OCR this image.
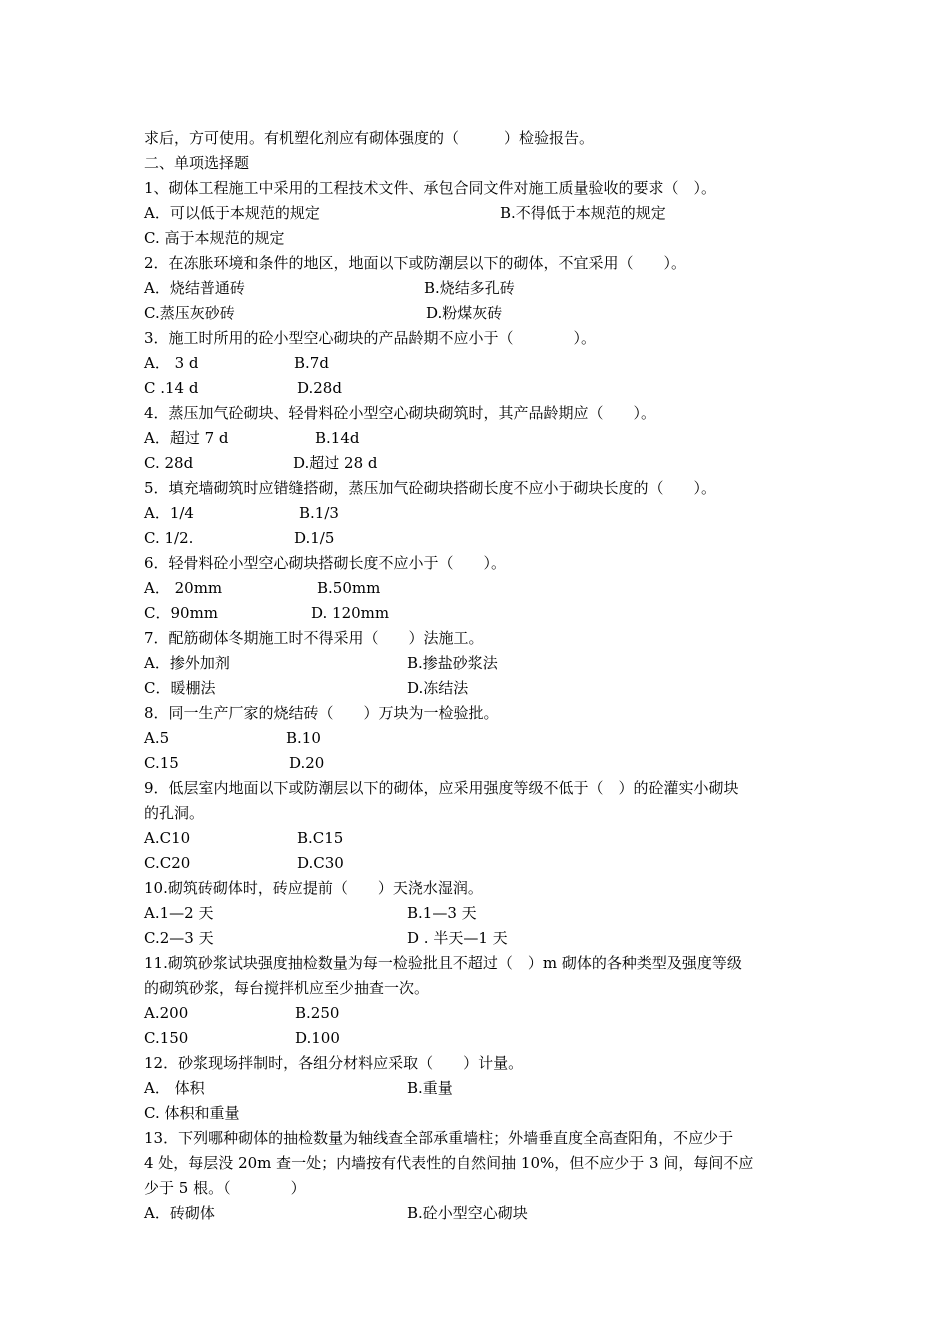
求后，方可使用。有机塑化剂应有砌体强度的（　　　）检验报告。
二、单项选择题
1、砌体工程施工中采用的工程技术文件、承包合同文件对施工质量验收的要求（　）。
A．可以低于本规范的规定	B.不得低于本规范的规定
C. 高于本规范的规定
2．在冻胀环境和条件的地区，地面以下或防潮层以下的砌体，不宜采用（　　）。
A．烧结普通砖	B.烧结多孔砖
C.蒸压灰砂砖	D.粉煤灰砖
3．施工时所用的砼小型空心砌块的产品龄期不应小于（　　　　）。
A． 3 d	B.7d
C .14 d	D.28d
4．蒸压加气砼砌块、轻骨料砼小型空心砌块砌筑时，其产品龄期应（　　）。
A．超过 7 d	B.14d
C. 28d	D.超过 28 d
5．填充墙砌筑时应错缝搭砌，蒸压加气砼砌块搭砌长度不应小于砌块长度的（　　）。
A．1/4	B.1/3
C. 1/2.	D.1/5
6．轻骨料砼小型空心砌块搭砌长度不应小于（　　）。
A． 20mm	B.50mm
C．90mm	D. 120mm
7．配筋砌体冬期施工时不得采用（　　）法施工。
A．掺外加剂	B.掺盐砂浆法
C．暖棚法	D.冻结法
8．同一生产厂家的烧结砖（　　）万块为一检验批。
A.5	B.10
C.15	D.20
9．低层室内地面以下或防潮层以下的砌体，应采用强度等级不低于（　）的砼灌实小砌块
的孔洞。
A.C10	B.C15
C.C20	D.C30
10.砌筑砖砌体时，砖应提前（　　）天浇水湿润。
A.1—2 天	B.1—3 天
C.2—3 天	D . 半天—1 天
11.砌筑砂浆试块强度抽检数量为每一检验批且不超过（　）m 砌体的各种类型及强度等级
的砌筑砂浆，每台搅拌机应至少抽查一次。
A.200	B.250
C.150	D.100
12．砂浆现场拌制时，各组分材料应采取（　　）计量。
A． 体积	B.重量
C. 体积和重量
13．下列哪种砌体的抽检数量为轴线查全部承重墙柱；外墙垂直度全高查阳角，不应少于
4 处，每层没 20m 查一处；内墙按有代表性的自然间抽 10%，但不应少于 3 间，每间不应
少于 5 根。（　　　　）
A．砖砌体	B.砼小型空心砌块
